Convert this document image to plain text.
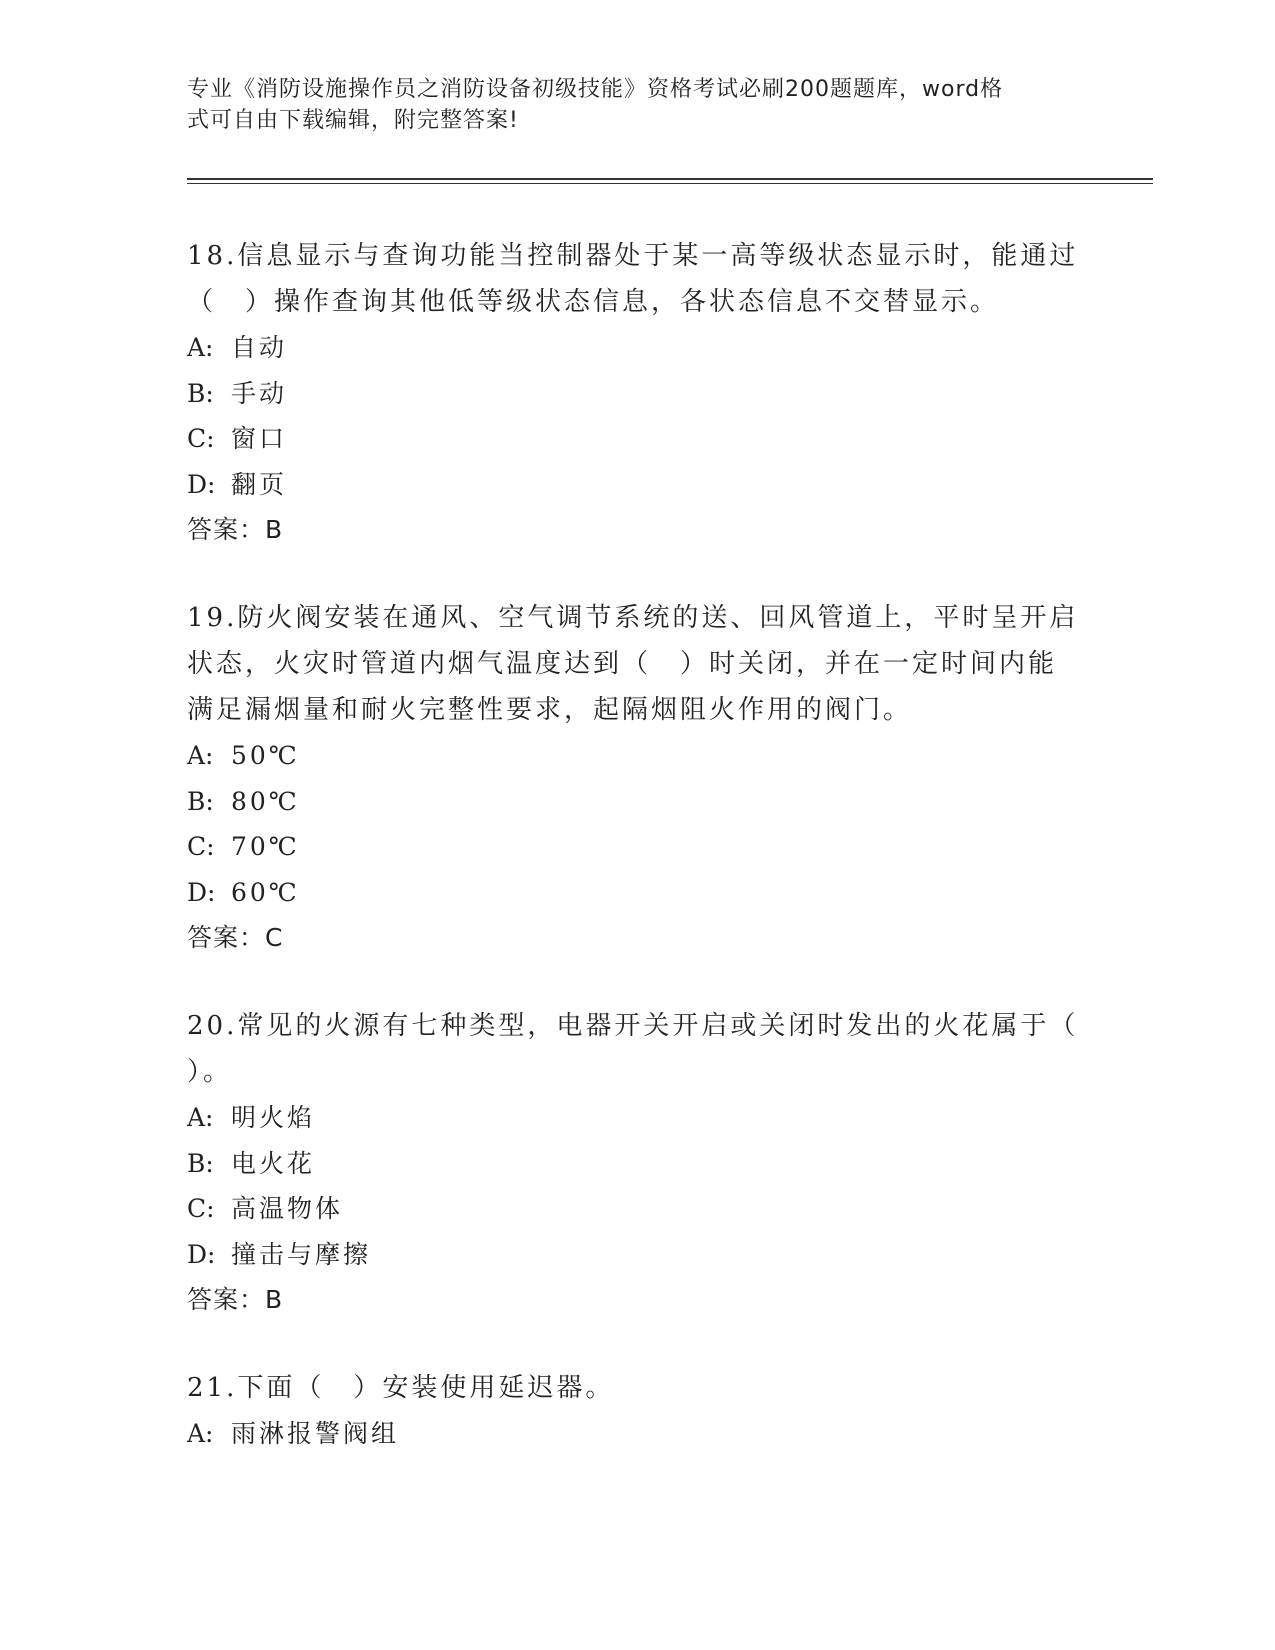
专业《消防设施操作员之消防设备初级技能》资格考试必刷200题题库，word格
式可自由下载编辑，附完整答案!

18.信息显示与查询功能当控制器处于某一高等级状态显示时，能通过
（　）操作查询其他低等级状态信息，各状态信息不交替显示。

A: 自动

B: 手动

C: 窗口

D: 翻页

答案：B

19.防火阀安装在通风、空气调节系统的送、回风管道上，平时呈开启
状态，火灾时管道内烟气温度达到（　）时关闭，并在一定时间内能
满足漏烟量和耐火完整性要求，起隔烟阻火作用的阀门。

A: 50℃

B: 80℃

C: 70℃

D: 60℃

答案：C

20.常见的火源有七种类型，电器开关开启或关闭时发出的火花属于（
）。

A: 明火焰

B: 电火花

C: 高温物体

D: 撞击与摩擦

答案：B

21.下面（　）安装使用延迟器。

A: 雨淋报警阀组
